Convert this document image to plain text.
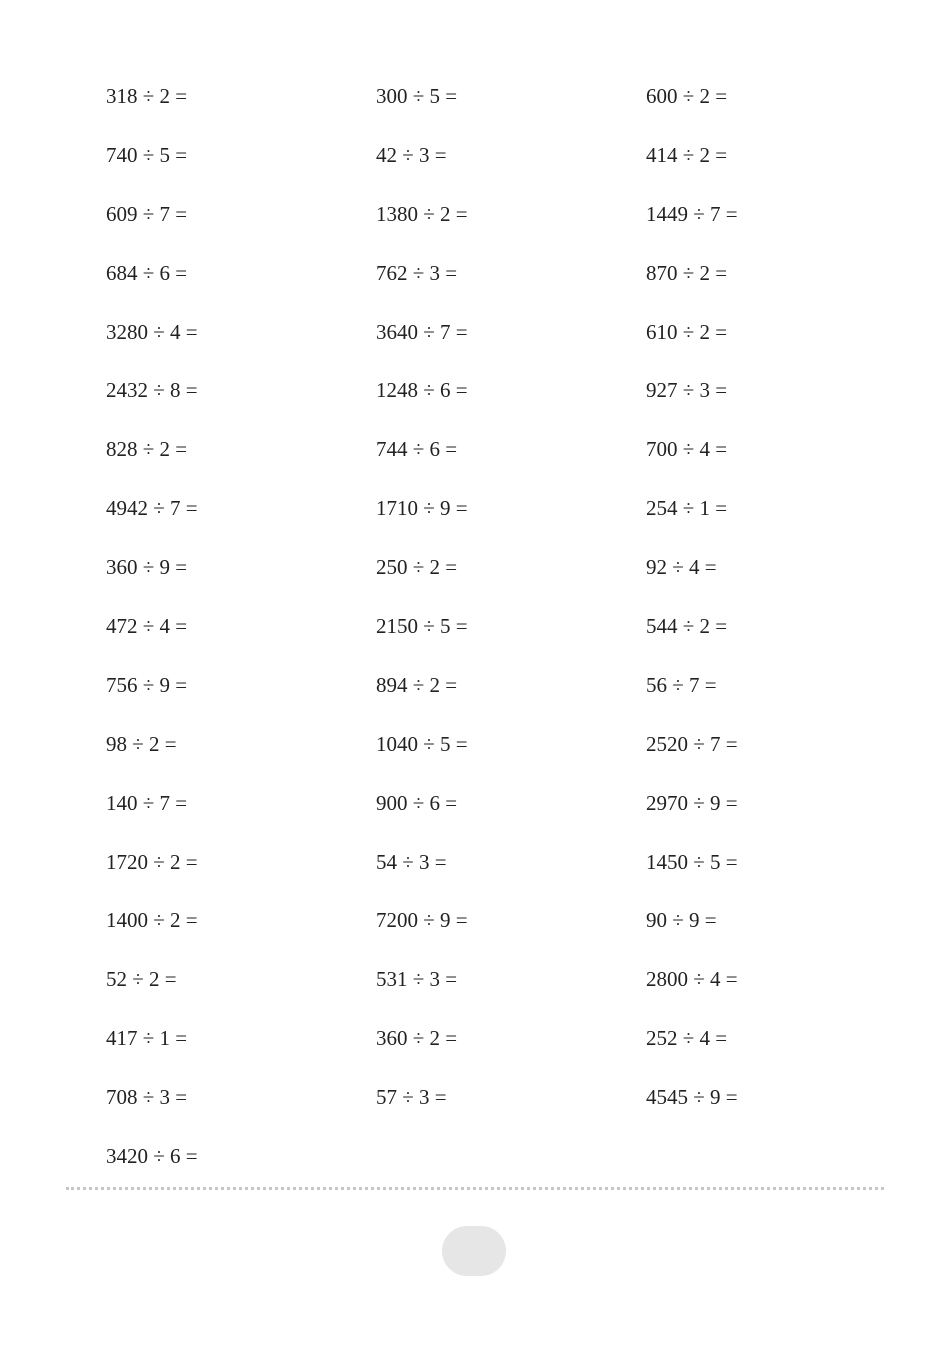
318 ÷ 2 =	300 ÷ 5 =	600 ÷ 2 =
740 ÷ 5 =	42 ÷ 3 =	414 ÷ 2 =
609 ÷ 7 =	1380 ÷ 2 =	1449 ÷ 7 =
684 ÷ 6 =	762 ÷ 3 =	870 ÷ 2 =
3280 ÷ 4 =	3640 ÷ 7 =	610 ÷ 2 =
2432 ÷ 8 =	1248 ÷ 6 =	927 ÷ 3 =
828 ÷ 2 =	744 ÷ 6 =	700 ÷ 4 =
4942 ÷ 7 =	1710 ÷ 9 =	254 ÷ 1 =
360 ÷ 9 =	250 ÷ 2 =	92 ÷ 4 =
472 ÷ 4 =	2150 ÷ 5 =	544 ÷ 2 =
756 ÷ 9 =	894 ÷ 2 =	56 ÷ 7 =
98 ÷ 2 =	1040 ÷ 5 =	2520 ÷ 7 =
140 ÷ 7 =	900 ÷ 6 =	2970 ÷ 9 =
1720 ÷ 2 =	54 ÷ 3 =	1450 ÷ 5 =
1400 ÷ 2 =	7200 ÷ 9 =	90 ÷ 9 =
52 ÷ 2 =	531 ÷ 3 =	2800 ÷ 4 =
417 ÷ 1 =	360 ÷ 2 =	252 ÷ 4 =
708 ÷ 3 =	57 ÷ 3 =	4545 ÷ 9 =
3420 ÷ 6 =
